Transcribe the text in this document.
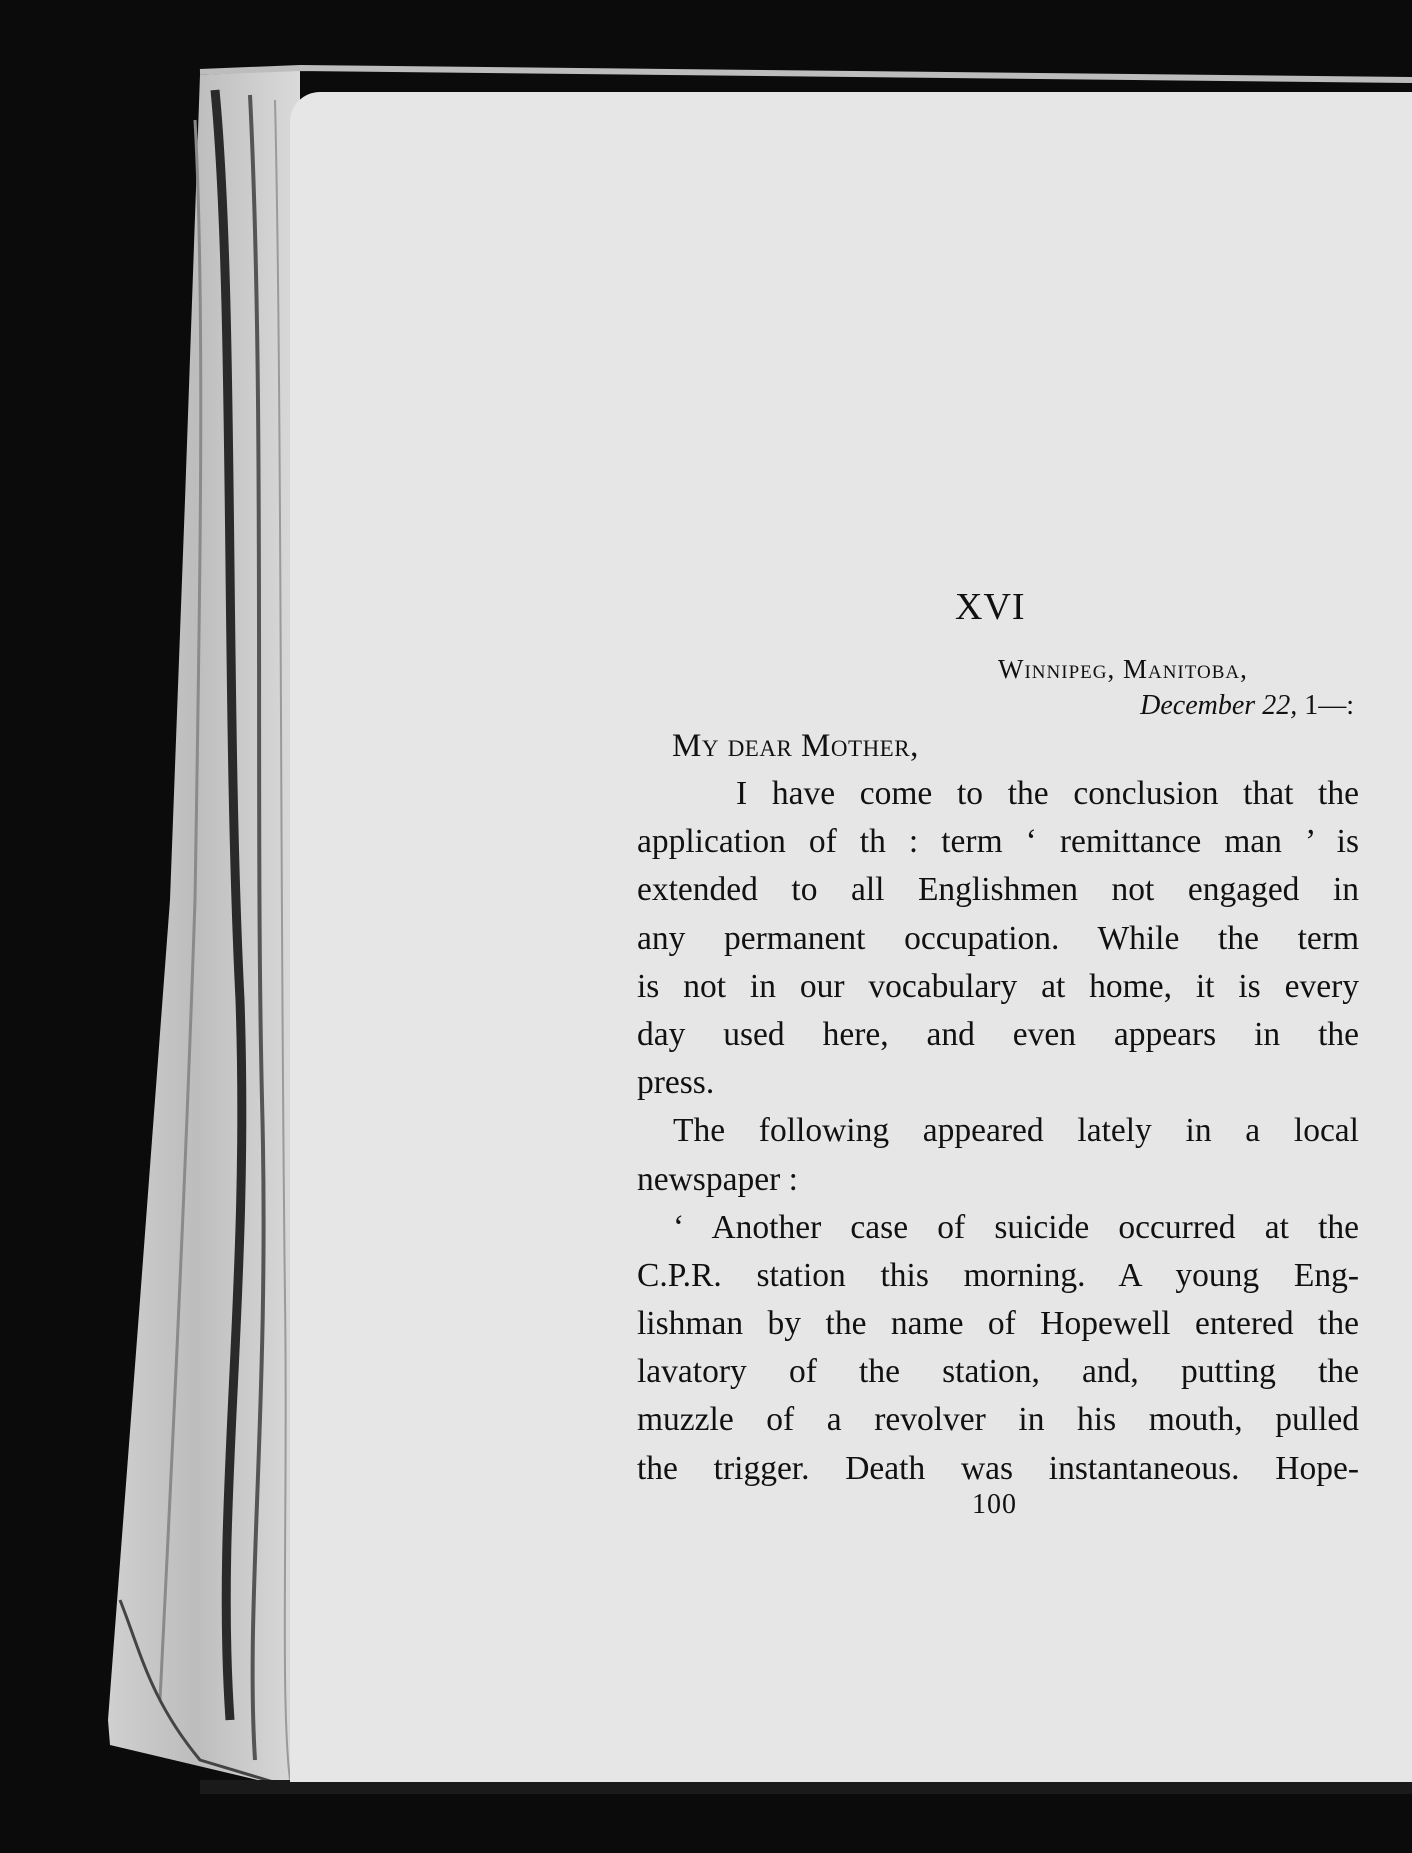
XVI
Winnipeg, Manitoba,
December 22, 1—:
My dear Mother,
I have come to the conclusion that the
application of th : term ‘ remittance man ’ is
extended to all Englishmen not engaged in
any permanent occupation. While the term
is not in our vocabulary at home, it is every
day used here, and even appears in the
press.
The following appeared lately in a local
newspaper :
‘ Another case of suicide occurred at the
C.P.R. station this morning. A young Eng-
lishman by the name of Hopewell entered the
lavatory of the station, and, putting the
muzzle of a revolver in his mouth, pulled
the trigger. Death was instantaneous. Hope-
100
